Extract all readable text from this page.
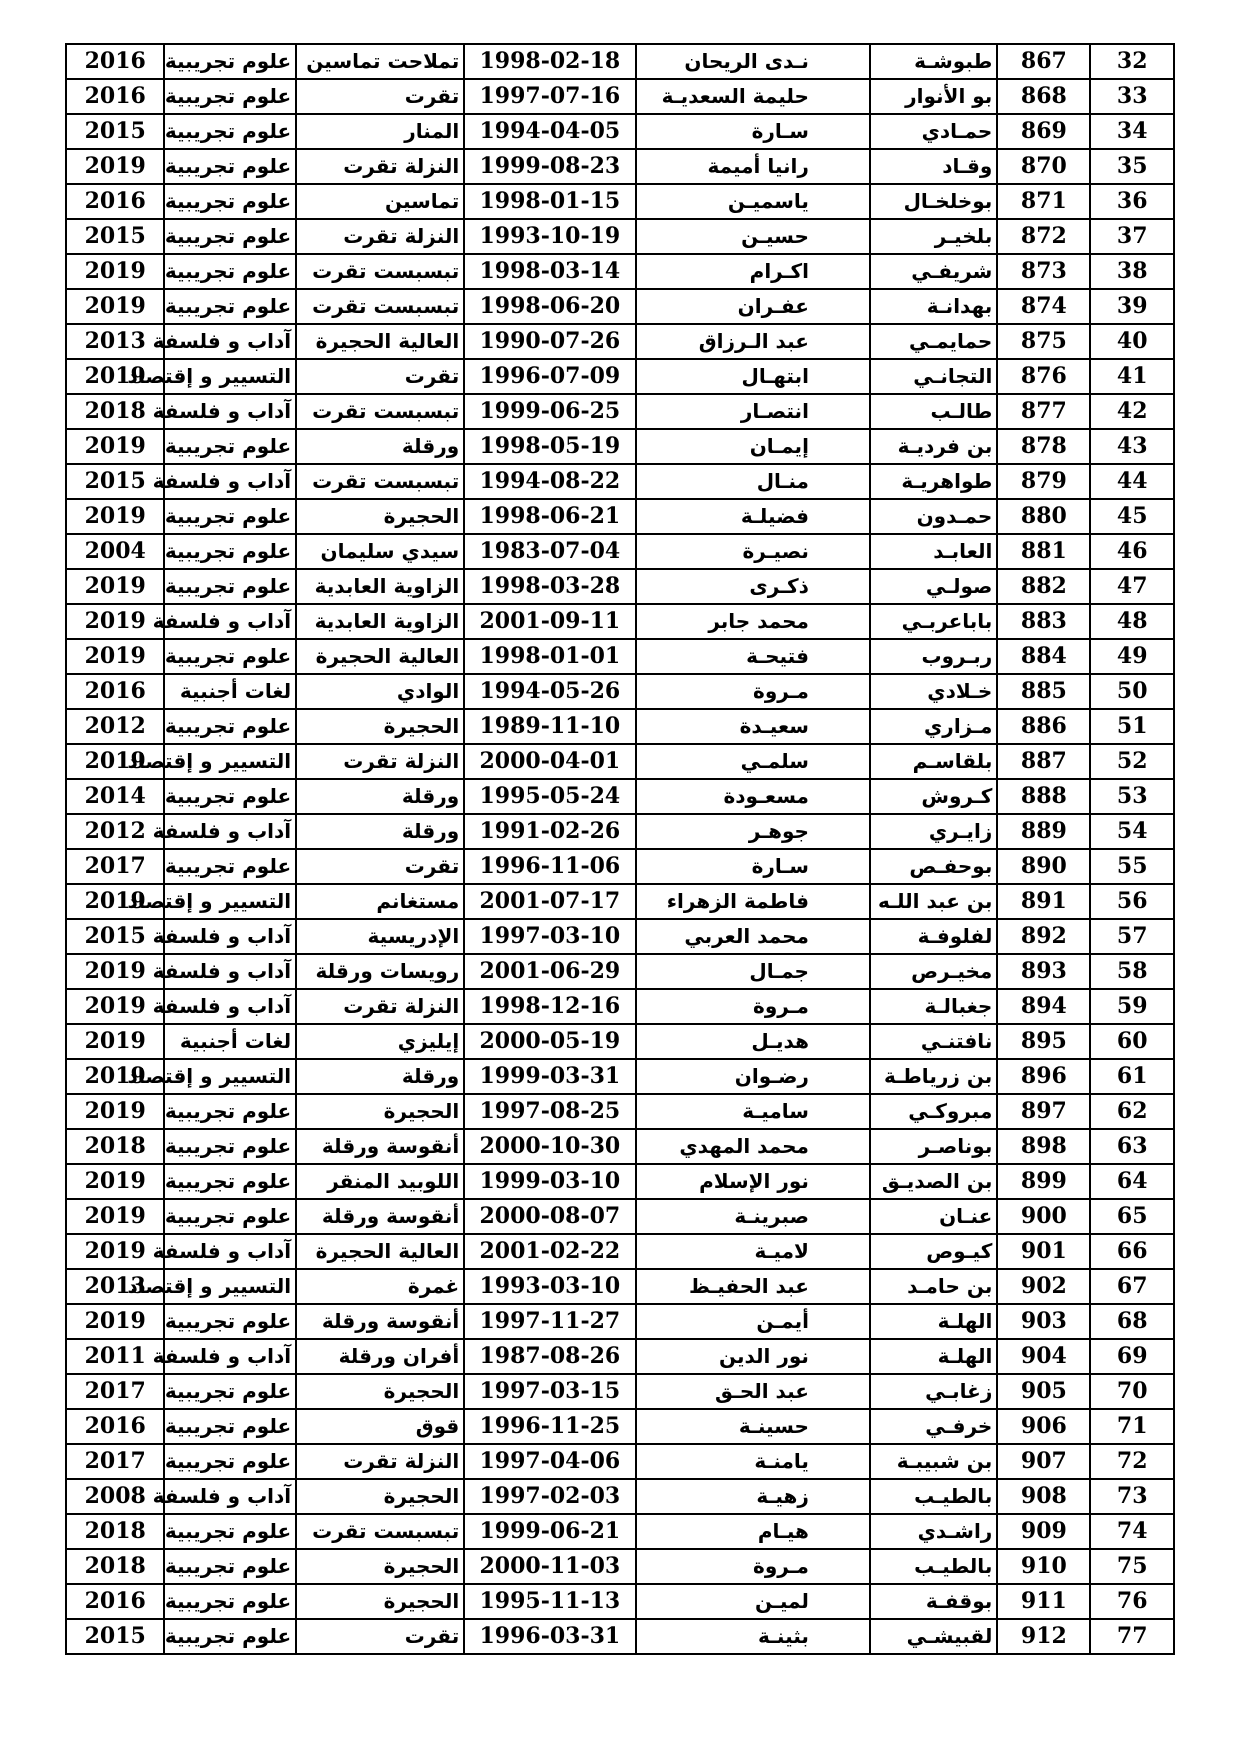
2016	علوم تجريبية	تملاحت تماسين	1998-02-18	نـدى الريحان	طبوشـة	867	32
2016	علوم تجريبية	تقرت	1997-07-16	حليمة السعديـة	بو الأنوار	868	33
2015	علوم تجريبية	المنار	1994-04-05	سـارة	حمـادي	869	34
2019	علوم تجريبية	النزلة تقرت	1999-08-23	رانيا أميمة	وقـاد	870	35
2016	علوم تجريبية	تماسين	1998-01-15	ياسميـن	بوخلخـال	871	36
2015	علوم تجريبية	النزلة تقرت	1993-10-19	حسيـن	بلخيـر	872	37
2019	علوم تجريبية	تبسبست تقرت	1998-03-14	اكـرام	شريفـي	873	38
2019	علوم تجريبية	تبسبست تقرت	1998-06-20	عفـران	بهدانـة	874	39
2013	آداب و فلسفة	العالية الحجيرة	1990-07-26	عبد الـرزاق	حمايمـي	875	40
2019	التسيير و إقتصاد	تقرت	1996-07-09	ابتهـال	التجانـي	876	41
2018	آداب و فلسفة	تبسبست تقرت	1999-06-25	انتصـار	طالـب	877	42
2019	علوم تجريبية	ورقلة	1998-05-19	إيمـان	بن فرديـة	878	43
2015	آداب و فلسفة	تبسبست تقرت	1994-08-22	منـال	طواهريـة	879	44
2019	علوم تجريبية	الحجيرة	1998-06-21	فضيلـة	حمـدون	880	45
2004	علوم تجريبية	سيدي سليمان	1983-07-04	نصيـرة	العابـد	881	46
2019	علوم تجريبية	الزاوية العابدية	1998-03-28	ذكـرى	صولـي	882	47
2019	آداب و فلسفة	الزاوية العابدية	2001-09-11	محمد جابر	باباعربـي	883	48
2019	علوم تجريبية	العالية الحجيرة	1998-01-01	فتيحـة	ربـروب	884	49
2016	لغات أجنبية	الوادي	1994-05-26	مـروة	خـلادي	885	50
2012	علوم تجريبية	الحجيرة	1989-11-10	سعيـدة	مـزاري	886	51
2019	التسيير و إقتصاد	النزلة تقرت	2000-04-01	سلمـي	بلقاسـم	887	52
2014	علوم تجريبية	ورقلة	1995-05-24	مسعـودة	كـروش	888	53
2012	آداب و فلسفة	ورقلة	1991-02-26	جوهـر	زايـري	889	54
2017	علوم تجريبية	تقرت	1996-11-06	سـارة	بوحفـص	890	55
2019	التسيير و إقتصاد	مستغانم	2001-07-17	فاطمة الزهراء	بن عبد اللـه	891	56
2015	آداب و فلسفة	الإدريسية	1997-03-10	محمد العربي	لفلوفـة	892	57
2019	آداب و فلسفة	رويسات ورقلة	2001-06-29	جمـال	مخيـرص	893	58
2019	آداب و فلسفة	النزلة تقرت	1998-12-16	مـروة	جغبالـة	894	59
2019	لغات أجنبية	إيليزي	2000-05-19	هديـل	نافتنـي	895	60
2019	التسيير و إقتصاد	ورقلة	1999-03-31	رضـوان	بن زرياطـة	896	61
2019	علوم تجريبية	الحجيرة	1997-08-25	ساميـة	مبروكـي	897	62
2018	علوم تجريبية	أنقوسة ورقلة	2000-10-30	محمد المهدي	بوناصـر	898	63
2019	علوم تجريبية	اللوبيد المنقر	1999-03-10	نور الإسلام	بن الصديـق	899	64
2019	علوم تجريبية	أنقوسة ورقلة	2000-08-07	صبرينـة	عنـان	900	65
2019	آداب و فلسفة	العالية الحجيرة	2001-02-22	لاميـة	كيـوص	901	66
2013	التسيير و إقتصاد	غمرة	1993-03-10	عبد الحفيـظ	بن حامـد	902	67
2019	علوم تجريبية	أنقوسة ورقلة	1997-11-27	أيمـن	الهلـة	903	68
2011	آداب و فلسفة	أفران ورقلة	1987-08-26	نور الدين	الهلـة	904	69
2017	علوم تجريبية	الحجيرة	1997-03-15	عبد الحـق	زغابـي	905	70
2016	علوم تجريبية	قوق	1996-11-25	حسينـة	خرفـي	906	71
2017	علوم تجريبية	النزلة تقرت	1997-04-06	يامنـة	بن شبيبـة	907	72
2008	آداب و فلسفة	الحجيرة	1997-02-03	زهيـة	بالطيـب	908	73
2018	علوم تجريبية	تبسبست تقرت	1999-06-21	هيـام	راشـدي	909	74
2018	علوم تجريبية	الحجيرة	2000-11-03	مـروة	بالطيـب	910	75
2016	علوم تجريبية	الحجيرة	1995-11-13	لميـن	بوقفـة	911	76
2015	علوم تجريبية	تقرت	1996-03-31	بثينـة	لقبيشـي	912	77
